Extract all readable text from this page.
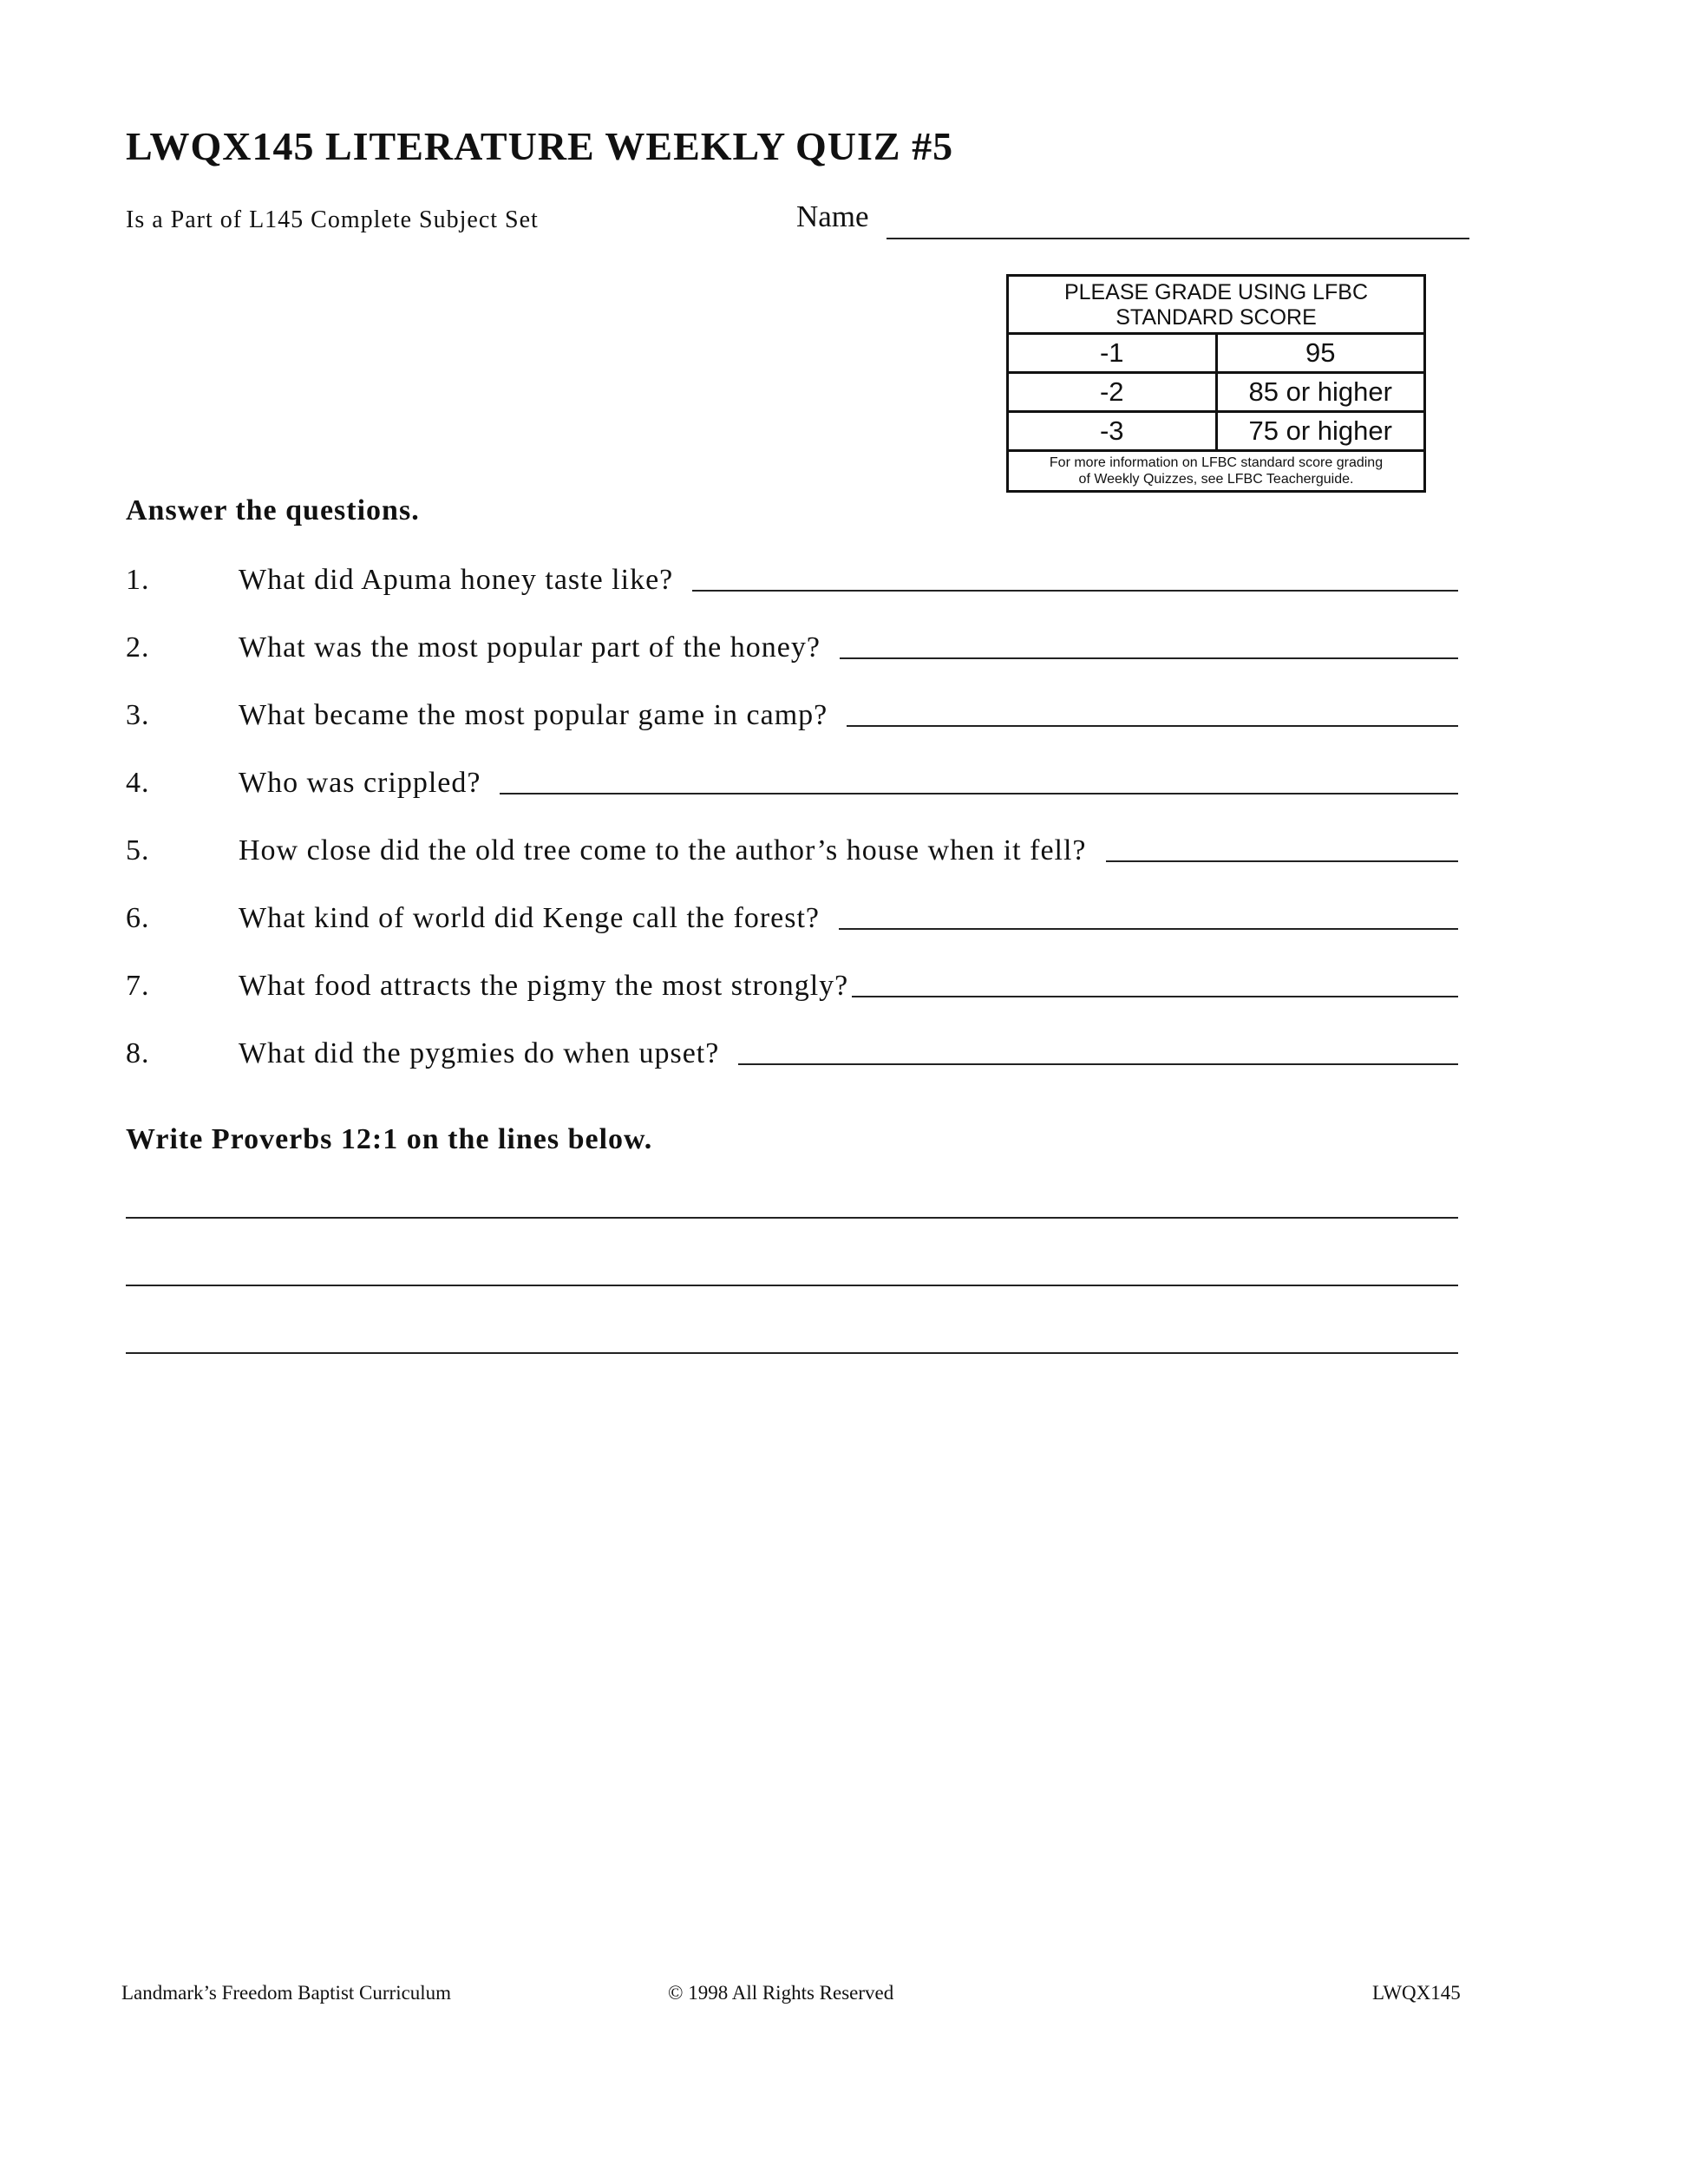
LWQX145 LITERATURE WEEKLY QUIZ #5
Is a Part of L145 Complete Subject Set	Name
PLEASE GRADE USING LFBC
STANDARD SCORE
-1	95
-2	85 or higher
-3	75 or higher
For more information on LFBC standard score grading
of Weekly Quizzes, see LFBC Teacherguide.
Answer the questions.
1.	What did Apuma honey taste like?
2.	What was the most popular part of the honey?
3.	What became the most popular game in camp?
4.	Who was crippled?
5.	How close did the old tree come to the author’s house when it fell?
6.	What kind of world did Kenge call the forest?
7.	What food attracts the pigmy the most strongly?
8.	What did the pygmies do when upset?
Write Proverbs 12:1 on the lines below.
Landmark’s Freedom Baptist Curriculum	© 1998 All Rights Reserved	LWQX145
